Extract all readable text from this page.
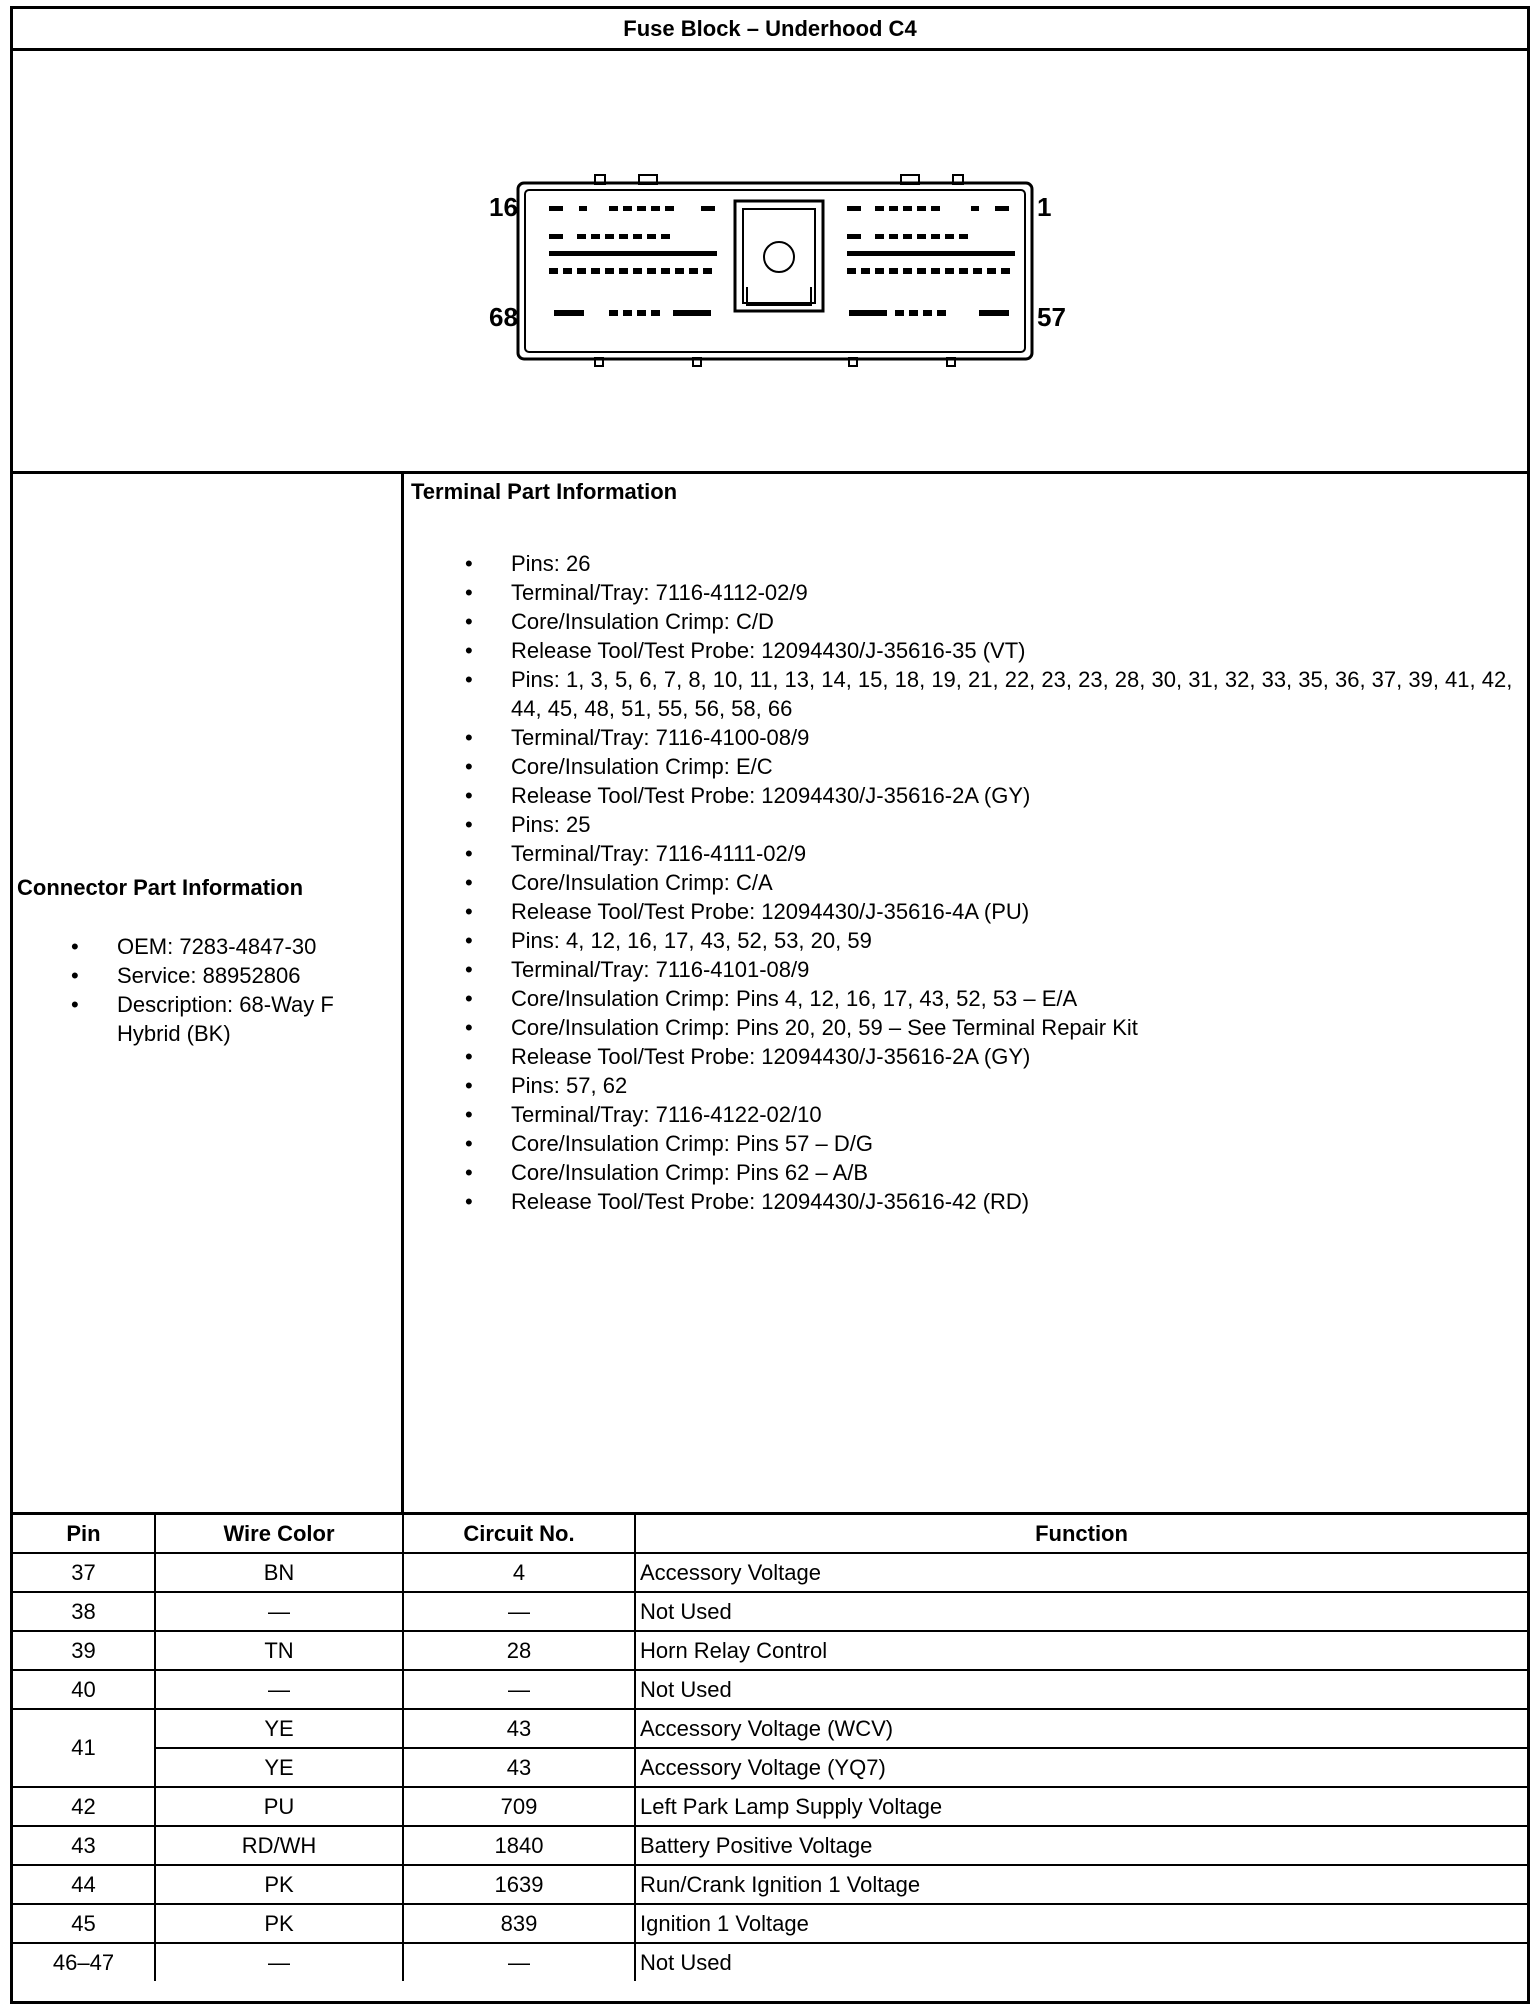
Fuse Block – Underhood C4
16	1
68	57
Connector Part Information
• OEM: 7283-4847-30
• Service: 88952806
• Description: 68-Way F Hybrid (BK)
Terminal Part Information
• Pins: 26
• Terminal/Tray: 7116-4112-02/9
• Core/Insulation Crimp: C/D
• Release Tool/Test Probe: 12094430/J-35616-35 (VT)
• Pins: 1, 3, 5, 6, 7, 8, 10, 11, 13, 14, 15, 18, 19, 21, 22, 23, 23, 28, 30, 31, 32, 33, 35, 36, 37, 39, 41, 42, 44, 45, 48, 51, 55, 56, 58, 66
• Terminal/Tray: 7116-4100-08/9
• Core/Insulation Crimp: E/C
• Release Tool/Test Probe: 12094430/J-35616-2A (GY)
• Pins: 25
• Terminal/Tray: 7116-4111-02/9
• Core/Insulation Crimp: C/A
• Release Tool/Test Probe: 12094430/J-35616-4A (PU)
• Pins: 4, 12, 16, 17, 43, 52, 53, 20, 59
• Terminal/Tray: 7116-4101-08/9
• Core/Insulation Crimp: Pins 4, 12, 16, 17, 43, 52, 53 – E/A
• Core/Insulation Crimp: Pins 20, 20, 59 – See Terminal Repair Kit
• Release Tool/Test Probe: 12094430/J-35616-2A (GY)
• Pins: 57, 62
• Terminal/Tray: 7116-4122-02/10
• Core/Insulation Crimp: Pins 57 – D/G
• Core/Insulation Crimp: Pins 62 – A/B
• Release Tool/Test Probe: 12094430/J-35616-42 (RD)
Pin	Wire Color	Circuit No.	Function
37	BN	4	Accessory Voltage
38	—	—	Not Used
39	TN	28	Horn Relay Control
40	—	—	Not Used
41	YE	43	Accessory Voltage (WCV)
	YE	43	Accessory Voltage (YQ7)
42	PU	709	Left Park Lamp Supply Voltage
43	RD/WH	1840	Battery Positive Voltage
44	PK	1639	Run/Crank Ignition 1 Voltage
45	PK	839	Ignition 1 Voltage
46–47	—	—	Not Used
